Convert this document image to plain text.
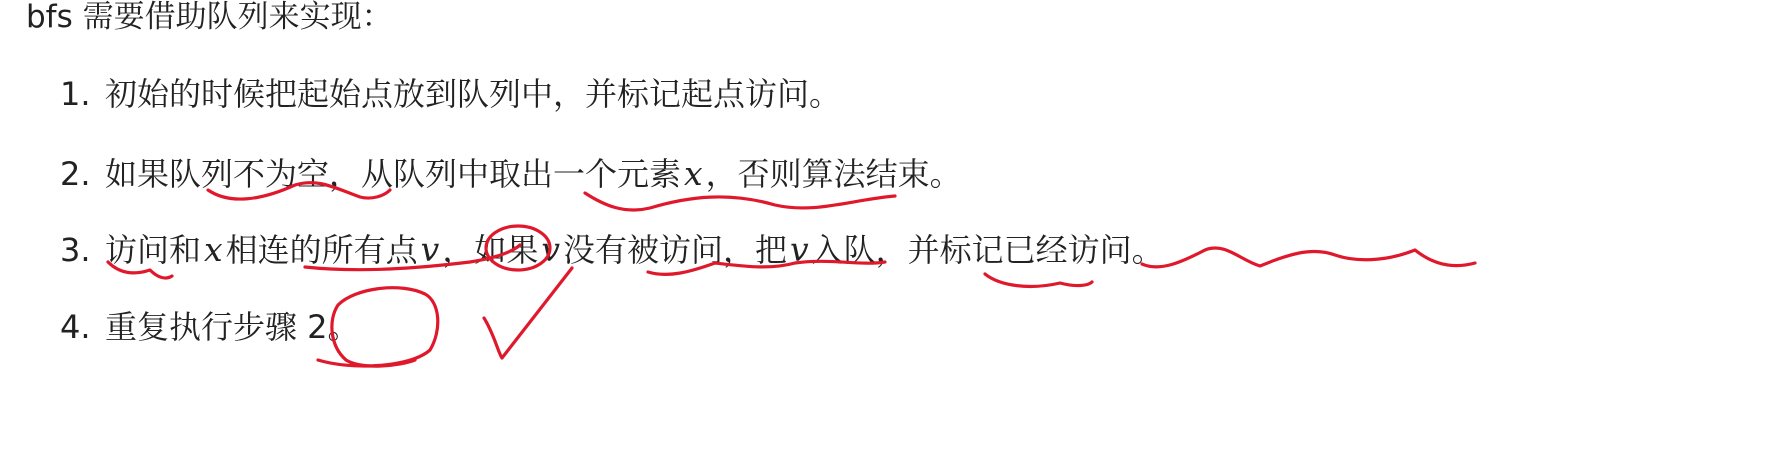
bfs 需要借助队列来实现：
1. 初始的时候把起始点放到队列中，并标记起点访问。
2. 如果队列不为空，从队列中取出一个元素x，否则算法结束。
3. 访问和x相连的所有点v，如果v没有被访问，把v入队，并标记已经访问。
4. 重复执行步骤 2。
